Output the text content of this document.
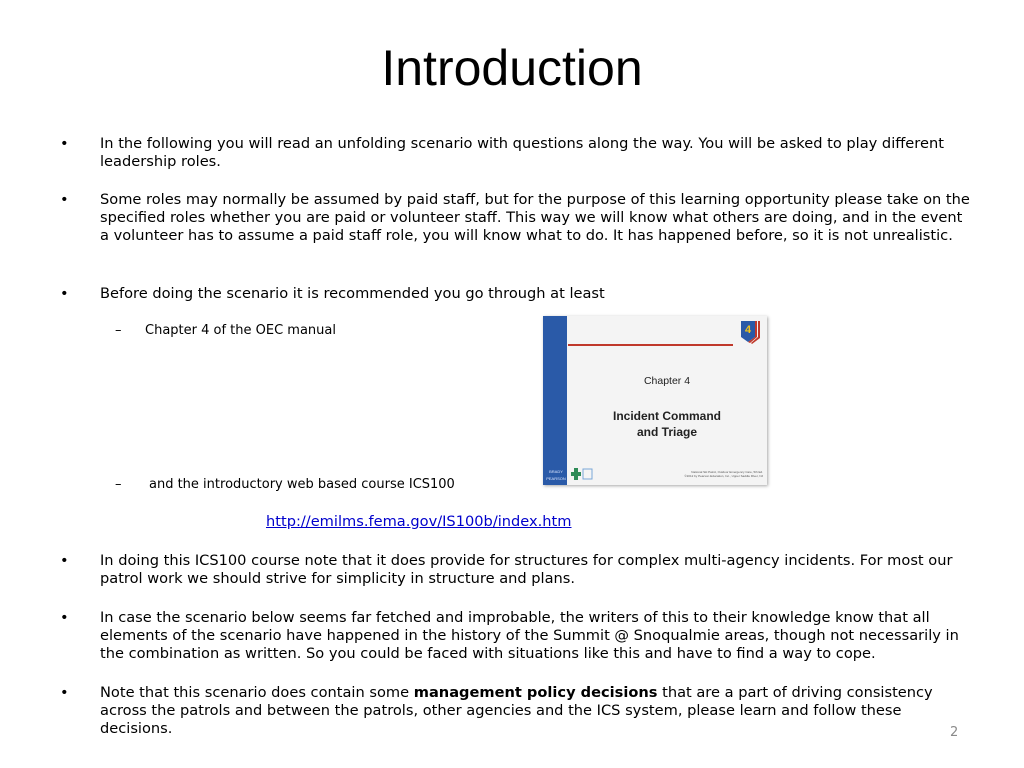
Introduction
• In the following you will read an unfolding scenario with questions along the way. You will be asked to play different leadership roles.

• Some roles may normally be assumed by paid staff, but for the purpose of this learning opportunity please take on the specified roles whether you are paid or volunteer staff. This way we will know what others are doing, and in the event a volunteer has to assume a paid staff role, you will know what to do. It has happened before, so it is not unrealistic.

• Before doing the scenario it is recommended you go through at least

– Chapter 4 of the OEC manual	4
Chapter 4
Incident Command
and Triage
BRADY
PEARSON
National Ski Patrol, Outdoor Emergency Care, 5th Ed.
©2012 by Pearson Education, Inc., Upper Saddle River, NJ
– and the introductory web based course ICS100

http://emilms.fema.gov/IS100b/index.htm
• In doing this ICS100 course note that it does provide for structures for complex multi-agency incidents. For most our patrol work we should strive for simplicity in structure and plans.

• In case the scenario below seems far fetched and improbable, the writers of this to their knowledge know that all elements of the scenario have happened in the history of the Summit @ Snoqualmie areas, though not necessarily in the combination as written. So you could be faced with situations like this and have to find a way to cope.

• Note that this scenario does contain some management policy decisions that are a part of driving consistency across the patrols and between the patrols, other agencies and the ICS system, please learn and follow these decisions.	2
